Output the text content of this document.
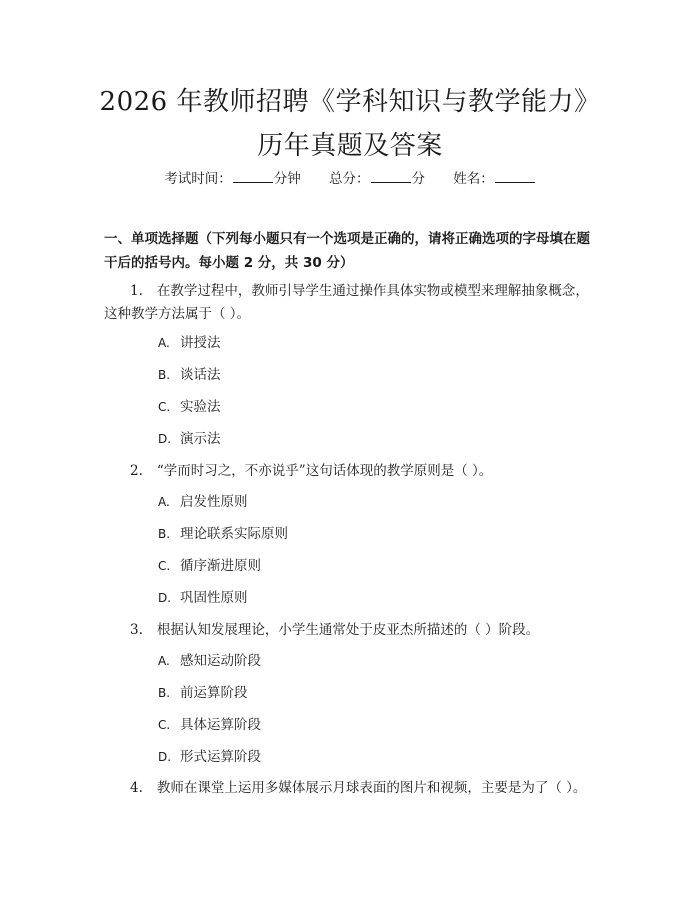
2026 年教师招聘《学科知识与教学能力》历年真题及答案
考试时间：	分钟 总分：	分 姓名：
一、单项选择题（下列每小题只有一个选项是正确的，请将正确选项的字母填在题干后的括号内。每小题 2 分，共 30 分）
1. 在教学过程中，教师引导学生通过操作具体实物或模型来理解抽象概念，这种教学方法属于（ ）。
A. 讲授法
B. 谈话法
C. 实验法
D. 演示法
2. “学而时习之，不亦说乎”这句话体现的教学原则是（ ）。
A. 启发性原则
B. 理论联系实际原则
C. 循序渐进原则
D. 巩固性原则
3. 根据认知发展理论，小学生通常处于皮亚杰所描述的（ ）阶段。
A. 感知运动阶段
B. 前运算阶段
C. 具体运算阶段
D. 形式运算阶段
4. 教师在课堂上运用多媒体展示月球表面的图片和视频，主要是为了（ ）。
